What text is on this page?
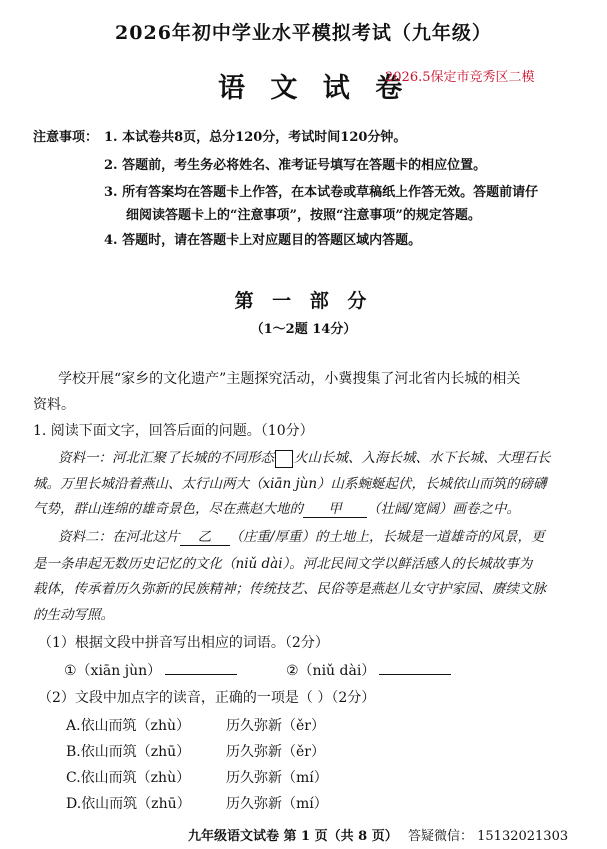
2026年初中学业水平模拟考试（九年级）
语 文 试 卷
2026.5保定市竞秀区二模
注意事项： 1. 本试卷共8页，总分120分，考试时间120分钟。
2. 答题前，考生务必将姓名、准考证号填写在答题卡的相应位置。
3. 所有答案均在答题卡上作答，在本试卷或草稿纸上作答无效。答题前请仔
细阅读答题卡上的“注意事项”，按照“注意事项”的规定答题。
4. 答题时，请在答题卡上对应题目的答题区域内答题。
第 一 部 分
（1～2题 14分）
学校开展“家乡的文化遗产”主题探究活动，小冀搜集了河北省内长城的相关
资料。
1. 阅读下面文字，回答后面的问题。（10分）
资料一：河北汇聚了长城的不同形态 火山长城、入海长城、水下长城、大理石长
城。万里长城沿着燕山、太行山两大（xiān jùn）山系蜿蜒起伏，长城依山而筑的磅礴
气势，群山连绵的雄奇景色，尽在燕赵大地的 甲 （壮阔/宽阔）画卷之中。
资料二：在河北这片 乙 （庄重/厚重）的土地上，长城是一道雄奇的风景，更
是一条串起无数历史记忆的文化（niǔ dài）。河北民间文学以鲜活感人的长城故事为
载体，传承着历久弥新的民族精神；传统技艺、民俗等是燕赵儿女守护家园、赓续文脉
的生动写照。
（1）根据文段中拼音写出相应的词语。（2分）
①（xiān jùn）	②（niǔ dài）
（2）文段中加点字的读音，正确的一项是（ ）（2分）
A.依山而筑（zhù）	历久弥新（ěr）
B.依山而筑（zhū）	历久弥新（ěr）
C.依山而筑（zhù）	历久弥新（mí）
D.依山而筑（zhū）	历久弥新（mí）
九年级语文试卷 第 1 页（共 8 页） 答疑微信： 15132021303
